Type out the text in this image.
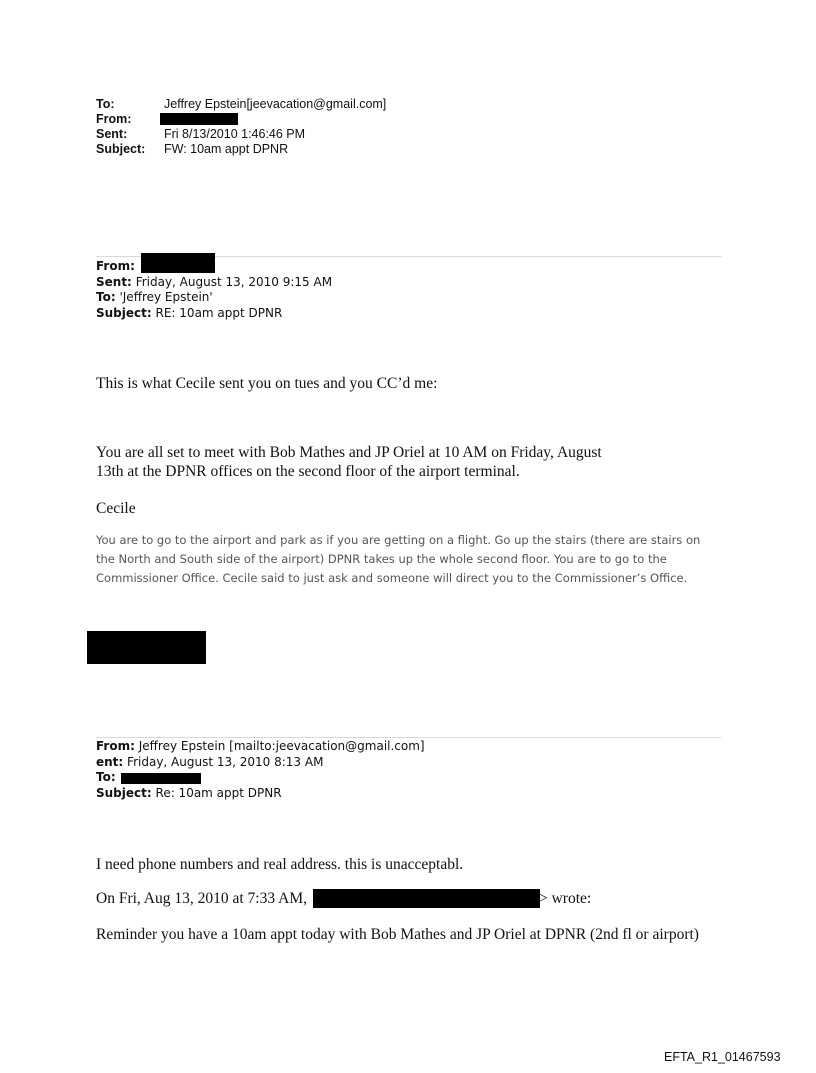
To:	Jeffrey Epstein[jeevacation@gmail.com]
From:
Sent:	Fri 8/13/2010 1:46:46 PM
Subject: FW: 10am appt DPNR
From:
Sent: Friday, August 13, 2010 9:15 AM
To: 'Jeffrey Epstein'
Subject: RE: 10am appt DPNR
This is what Cecile sent you on tues and you CC’d me:
You are all set to meet with Bob Mathes and JP Oriel at 10 AM on Friday, August
13th at the DPNR offices on the second floor of the airport terminal.
Cecile
You are to go to the airport and park as if you are getting on a flight. Go up the stairs (there are stairs on
the North and South side of the airport) DPNR takes up the whole second floor. You are to go to the
Commissioner Office. Cecile said to just ask and someone will direct you to the Commissioner’s Office.
From: Jeffrey Epstein [mailto:jeevacation@gmail.com]
ent: Friday, August 13, 2010 8:13 AM
To:
Subject: Re: 10am appt DPNR
I need phone numbers and real address. this is unacceptabl.
On Fri, Aug 13, 2010 at 7:33 AM,	> wrote:
Reminder you have a 10am appt today with Bob Mathes and JP Oriel at DPNR (2nd fl or airport)
EFTA_R1_01467593
